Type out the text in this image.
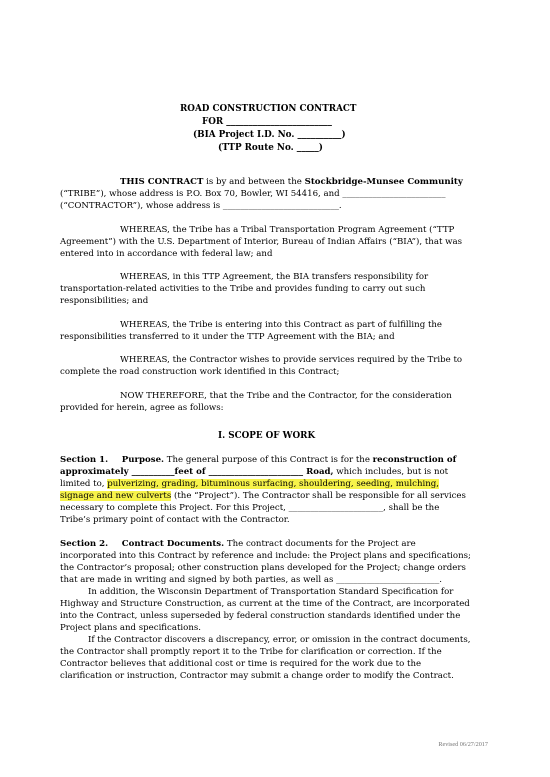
ROAD CONSTRUCTION CONTRACT
FOR ________________________
(BIA Project I.D. No. __________)
(TTP Route No. _____)
THIS CONTRACT is by and between the Stockbridge-Munsee Community
(“TRIBE”), whose address is P.O. Box 70, Bowler, WI 54416, and ________________________
(“CONTRACTOR”), whose address is ___________________________.
WHEREAS, the Tribe has a Tribal Transportation Program Agreement (“TTP
Agreement”) with the U.S. Department of Interior, Bureau of Indian Affairs (“BIA”), that was
entered into in accordance with federal law; and
WHEREAS, in this TTP Agreement, the BIA transfers responsibility for
transportation-related activities to the Tribe and provides funding to carry out such
responsibilities; and
WHEREAS, the Tribe is entering into this Contract as part of fulfilling the
responsibilities transferred to it under the TTP Agreement with the BIA; and
WHEREAS, the Contractor wishes to provide services required by the Tribe to
complete the road construction work identified in this Contract;
NOW THEREFORE, that the Tribe and the Contractor, for the consideration
provided for herein, agree as follows:
I. SCOPE OF WORK
Section 1. Purpose. The general purpose of this Contract is for the reconstruction of
approximately __________feet of ______________________ Road, which includes, but is not
limited to, pulverizing, grading, bituminous surfacing, shouldering, seeding, mulching,
signage and new culverts (the “Project”). The Contractor shall be responsible for all services
necessary to complete this Project. For this Project, ______________________, shall be the
Tribe’s primary point of contact with the Contractor.
Section 2. Contract Documents. The contract documents for the Project are
incorporated into this Contract by reference and include: the Project plans and specifications;
the Contractor’s proposal; other construction plans developed for the Project; change orders
that are made in writing and signed by both parties, as well as ________________________.
In addition, the Wisconsin Department of Transportation Standard Specification for
Highway and Structure Construction, as current at the time of the Contract, are incorporated
into the Contract, unless superseded by federal construction standards identified under the
Project plans and specifications.
If the Contractor discovers a discrepancy, error, or omission in the contract documents,
the Contractor shall promptly report it to the Tribe for clarification or correction. If the
Contractor believes that additional cost or time is required for the work due to the
clarification or instruction, Contractor may submit a change order to modify the Contract.
Revised 06/27/2017
